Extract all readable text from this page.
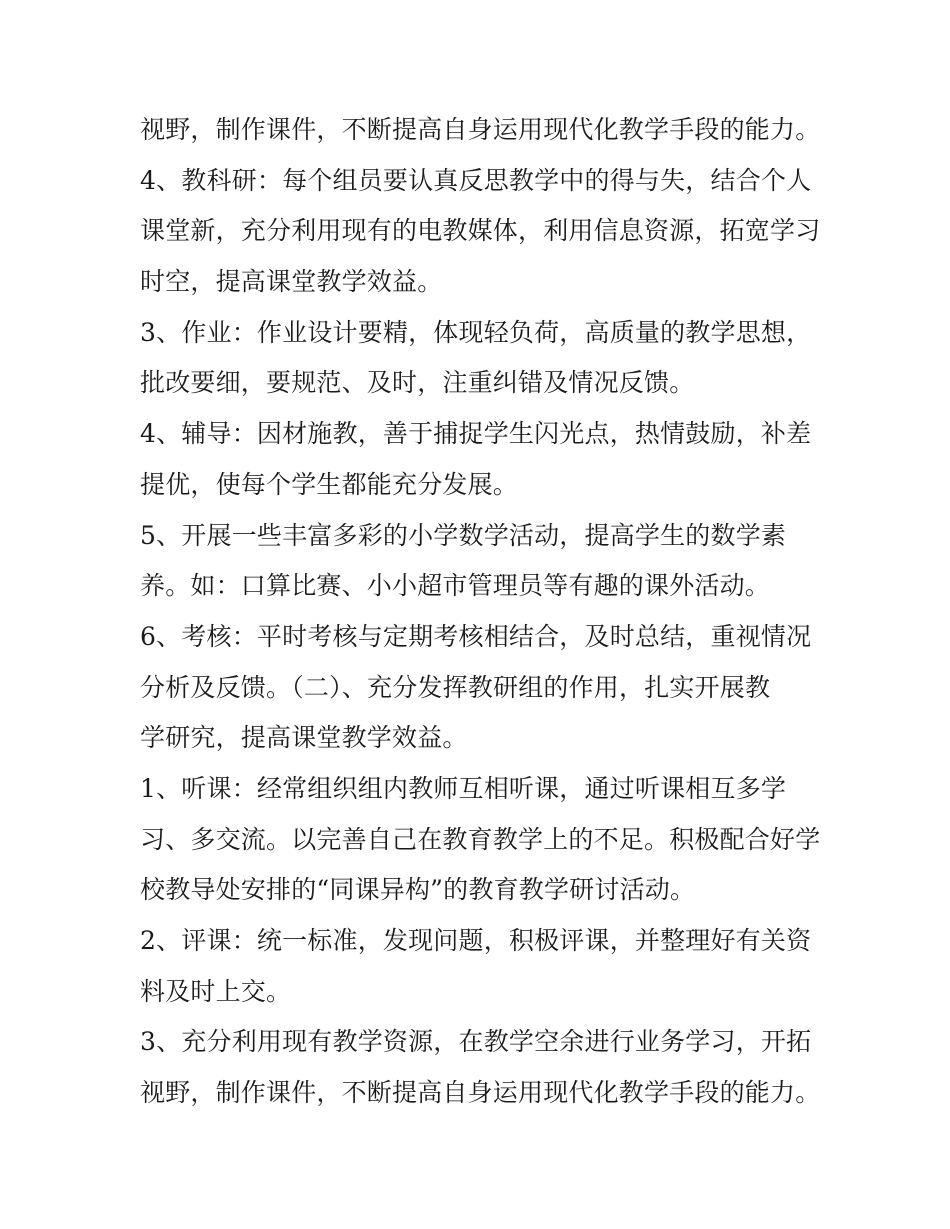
视野，制作课件，不断提高自身运用现代化教学手段的能力。
4、教科研：每个组员要认真反思教学中的得与失，结合个人
课堂新，充分利用现有的电教媒体，利用信息资源，拓宽学习
时空，提高课堂教学效益。
3、作业：作业设计要精，体现轻负荷，高质量的教学思想，
批改要细，要规范、及时，注重纠错及情况反馈。
4、辅导：因材施教，善于捕捉学生闪光点，热情鼓励，补差
提优，使每个学生都能充分发展。
5、开展一些丰富多彩的小学数学活动，提高学生的数学素
养。如：口算比赛、小小超市管理员等有趣的课外活动。
6、考核：平时考核与定期考核相结合，及时总结，重视情况
分析及反馈。（二）、充分发挥教研组的作用，扎实开展教
学研究，提高课堂教学效益。
1、听课：经常组织组内教师互相听课，通过听课相互多学
习、多交流。以完善自己在教育教学上的不足。积极配合好学
校教导处安排的“同课异构”的教育教学研讨活动。
2、评课：统一标准，发现问题，积极评课，并整理好有关资
料及时上交。
3、充分利用现有教学资源，在教学空余进行业务学习，开拓
视野，制作课件，不断提高自身运用现代化教学手段的能力。
